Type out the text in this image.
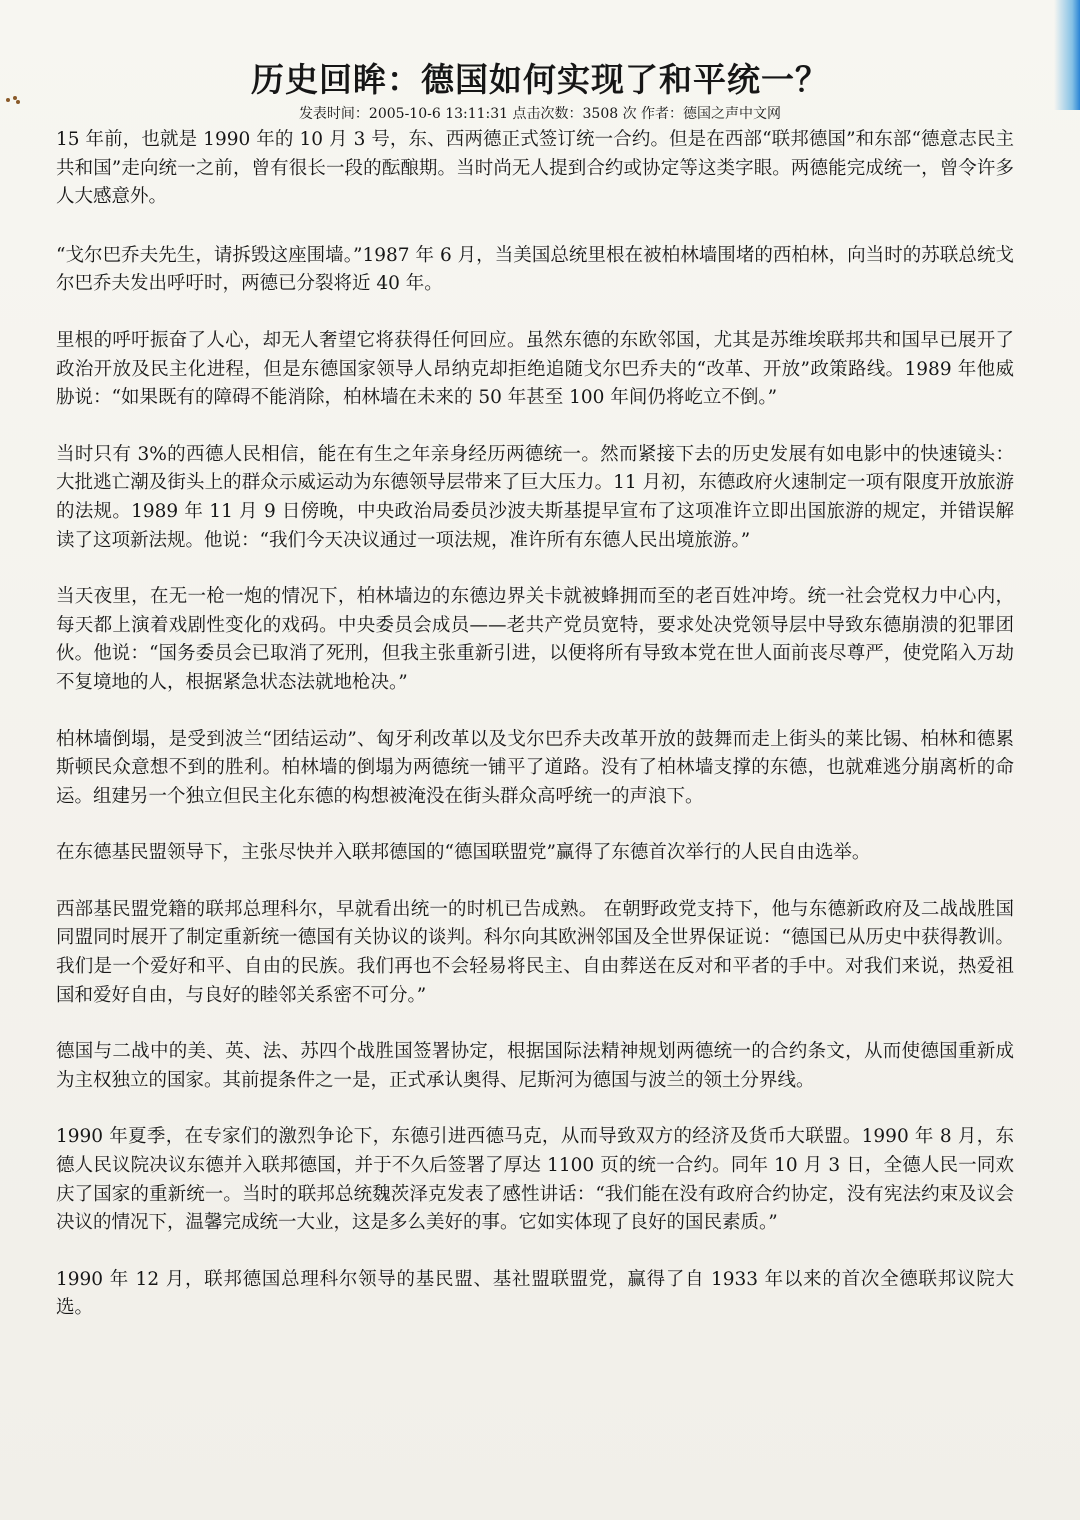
历史回眸：德国如何实现了和平统一？
发表时间：2005-10-6 13:11:31 点击次数：3508 次 作者：德国之声中文网

15 年前，也就是 1990 年的 10 月 3 号，东、西两德正式签订统一合约。但是在西部“联邦德国”和东部“德意志民主共和国”走向统一之前，曾有很长一段的酝酿期。当时尚无人提到合约或协定等这类字眼。两德能完成统一，曾令许多人大感意外。

“戈尔巴乔夫先生，请拆毁这座围墙。”1987 年 6 月，当美国总统里根在被柏林墙围堵的西柏林，向当时的苏联总统戈尔巴乔夫发出呼吁时，两德已分裂将近 40 年。

里根的呼吁振奋了人心，却无人奢望它将获得任何回应。虽然东德的东欧邻国，尤其是苏维埃联邦共和国早已展开了政治开放及民主化进程，但是东德国家领导人昂纳克却拒绝追随戈尔巴乔夫的“改革、开放”政策路线。1989 年他威胁说：“如果既有的障碍不能消除，柏林墙在未来的 50 年甚至 100 年间仍将屹立不倒。”

当时只有 3%的西德人民相信，能在有生之年亲身经历两德统一。然而紧接下去的历史发展有如电影中的快速镜头：大批逃亡潮及街头上的群众示威运动为东德领导层带来了巨大压力。11 月初，东德政府火速制定一项有限度开放旅游的法规。1989 年 11 月 9 日傍晚，中央政治局委员沙波夫斯基提早宣布了这项准许立即出国旅游的规定，并错误解读了这项新法规。他说：“我们今天决议通过一项法规，准许所有东德人民出境旅游。”

当天夜里，在无一枪一炮的情况下，柏林墙边的东德边界关卡就被蜂拥而至的老百姓冲垮。统一社会党权力中心内，每天都上演着戏剧性变化的戏码。中央委员会成员——老共产党员宽特，要求处决党领导层中导致东德崩溃的犯罪团伙。他说：“国务委员会已取消了死刑，但我主张重新引进，以便将所有导致本党在世人面前丧尽尊严，使党陷入万劫不复境地的人，根据紧急状态法就地枪决。”

柏林墙倒塌，是受到波兰“团结运动”、匈牙利改革以及戈尔巴乔夫改革开放的鼓舞而走上街头的莱比锡、柏林和德累斯顿民众意想不到的胜利。柏林墙的倒塌为两德统一铺平了道路。没有了柏林墙支撑的东德，也就难逃分崩离析的命运。组建另一个独立但民主化东德的构想被淹没在街头群众高呼统一的声浪下。

在东德基民盟领导下，主张尽快并入联邦德国的“德国联盟党”赢得了东德首次举行的人民自由选举。

西部基民盟党籍的联邦总理科尔，早就看出统一的时机已告成熟。 在朝野政党支持下，他与东德新政府及二战战胜国同盟同时展开了制定重新统一德国有关协议的谈判。科尔向其欧洲邻国及全世界保证说：“德国已从历史中获得教训。我们是一个爱好和平、自由的民族。我们再也不会轻易将民主、自由葬送在反对和平者的手中。对我们来说，热爱祖国和爱好自由，与良好的睦邻关系密不可分。”

德国与二战中的美、英、法、苏四个战胜国签署协定，根据国际法精神规划两德统一的合约条文，从而使德国重新成为主权独立的国家。其前提条件之一是，正式承认奥得、尼斯河为德国与波兰的领土分界线。

1990 年夏季，在专家们的激烈争论下，东德引进西德马克，从而导致双方的经济及货币大联盟。1990 年 8 月，东德人民议院决议东德并入联邦德国，并于不久后签署了厚达 1100 页的统一合约。同年 10 月 3 日，全德人民一同欢庆了国家的重新统一。当时的联邦总统魏茨泽克发表了感性讲话：“我们能在没有政府合约协定，没有宪法约束及议会决议的情况下，温馨完成统一大业，这是多么美好的事。它如实体现了良好的国民素质。”

1990 年 12 月，联邦德国总理科尔领导的基民盟、基社盟联盟党，赢得了自 1933 年以来的首次全德联邦议院大选。
